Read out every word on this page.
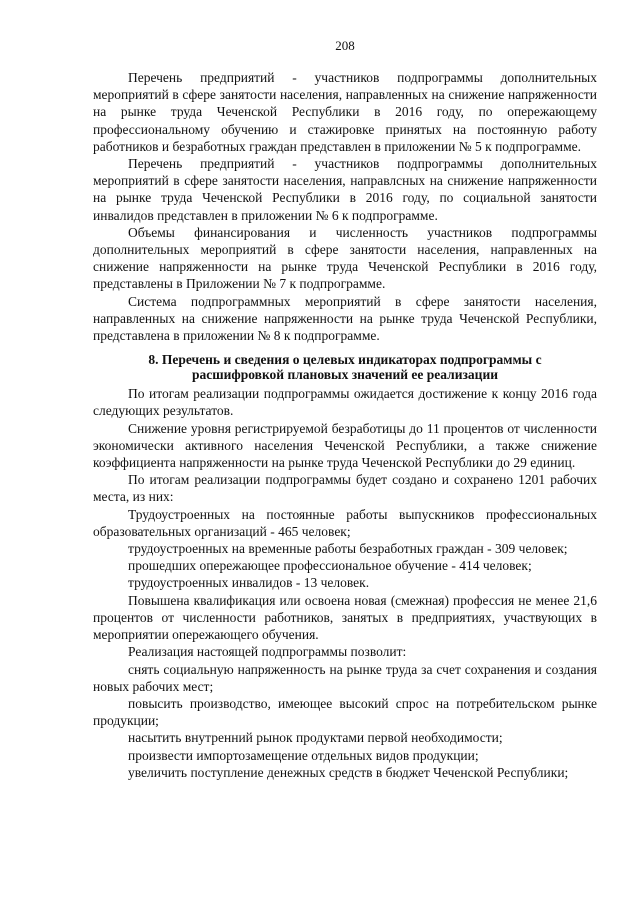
208

Перечень предприятий - участников подпрограммы дополнительных мероприятий в сфере занятости населения, направленных на снижение напряженности на рынке труда Чеченской Республики в 2016 году, по опережающему профессиональному обучению и стажировке принятых на постоянную работу работников и безработных граждан представлен в приложении № 5 к подпрограмме.

Перечень предприятий - участников подпрограммы дополнительных мероприятий в сфере занятости населения, направлсных на снижение напряженности на рынке труда Чеченской Республики в 2016 году, по социальной занятости инвалидов представлен в приложении № 6 к подпрограмме.

Объемы финансирования и численность участников подпрограммы дополнительных мероприятий в сфере занятости населения, направленных на снижение напряженности на рынке труда Чеченской Республики в 2016 году, представлены в Приложении № 7 к подпрограмме.

Система подпрограммных мероприятий в сфере занятости населения, направленных на снижение напряженности на рынке труда Чеченской Республики, представлена в приложении № 8 к подпрограмме.

8. Перечень и сведения о целевых индикаторах подпрограммы с
расшифровкой плановых значений ее реализации

По итогам реализации подпрограммы ожидается достижение к концу 2016 года следующих результатов.

Снижение уровня регистрируемой безработицы до 11 процентов от численности экономически активного населения Чеченской Республики, а также снижение коэффициента напряженности на рынке труда Чеченской Республики до 29 единиц.

По итогам реализации подпрограммы будет создано и сохранено 1201 рабочих места, из них:

Трудоустроенных на постоянные работы выпускников профессиональных образовательных организаций - 465 человек;

трудоустроенных на временные работы безработных граждан - 309 человек;

прошедших опережающее профессиональное обучение - 414 человек;

трудоустроенных инвалидов - 13 человек.

Повышена квалификация или освоена новая (смежная) профессия не менее 21,6 процентов от численности работников, занятых в предприятиях, участвующих в мероприятии опережающего обучения.

Реализация настоящей подпрограммы позволит:

снять социальную напряженность на рынке труда за счет сохранения и создания новых рабочих мест;

повысить производство, имеющее высокий спрос на потребительском рынке продукции;

насытить внутренний рынок продуктами первой необходимости;

произвести импортозамещение отдельных видов продукции;

увеличить поступление денежных средств в бюджет Чеченской Республики;
